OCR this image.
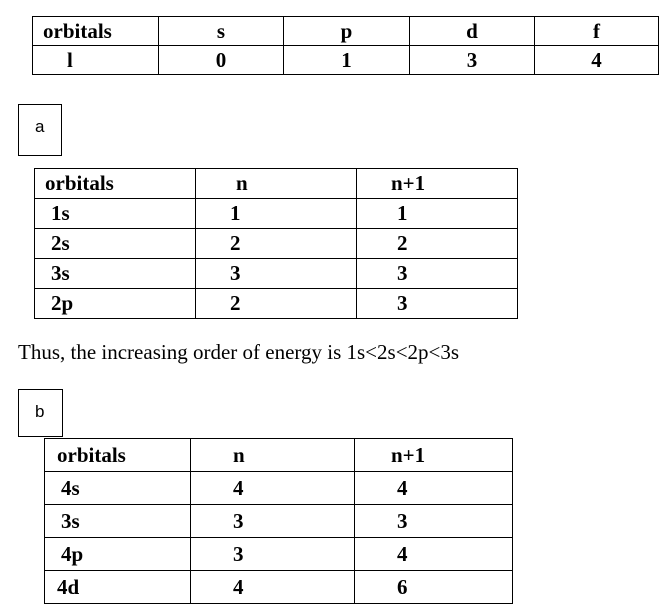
orbitals	s	p	d	f
l	0	1	3	4
a
orbitals	n	n+1
1s	1	1
2s	2	2
3s	3	3
2p	2	3
Thus, the increasing order of energy is 1s<2s<2p<3s
b
orbitals	n	n+1
4s	4	4
3s	3	3
4p	3	4
4d	4	6
